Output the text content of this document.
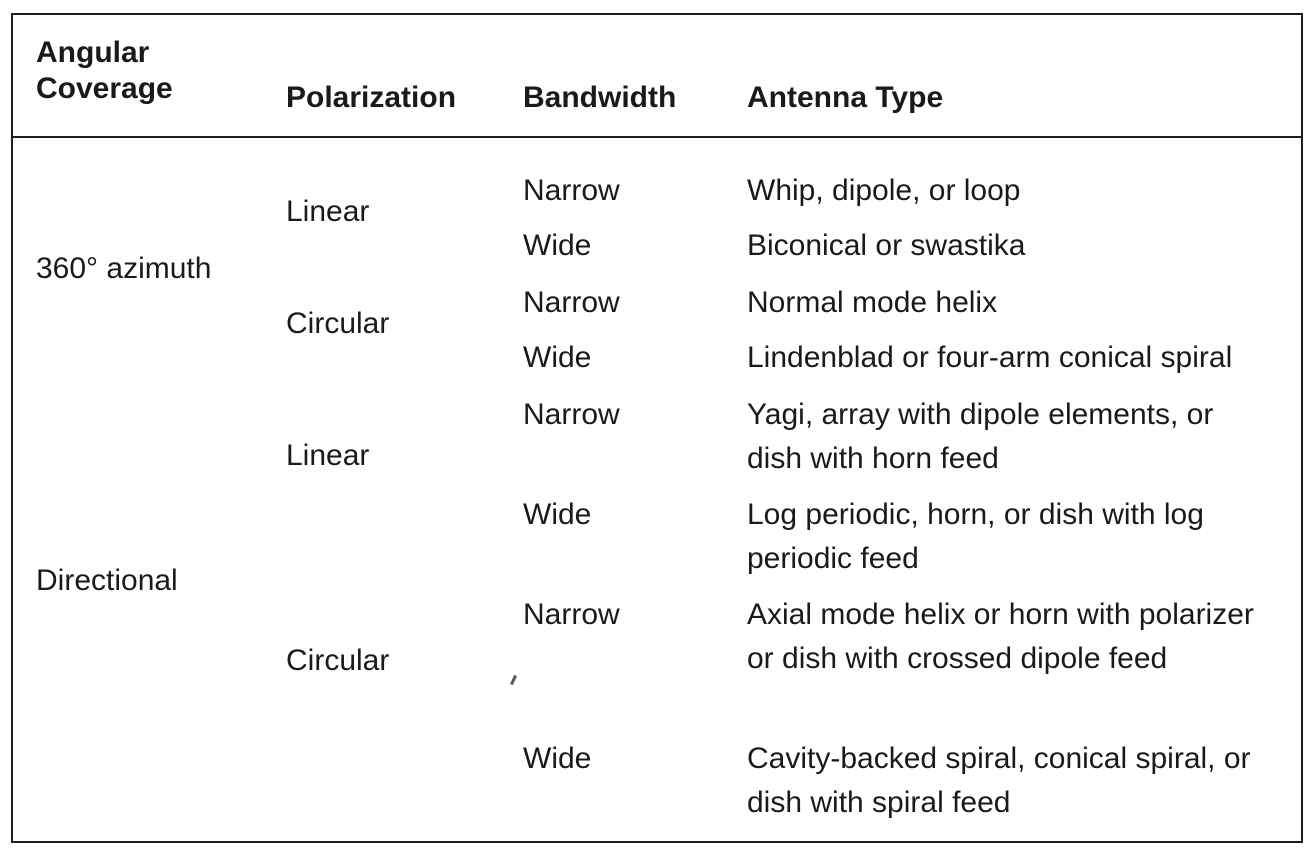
Angular Coverage	Polarization Bandwidth Antenna Type
360° azimuth
Directional
Linear
Circular
Linear
Circular
Narrow
Wide
Narrow
Wide
Narrow
Wide
Narrow
Wide
Whip, dipole, or loop
Biconical or swastika
Normal mode helix
Lindenblad or four-arm conical spiral
Yagi, array with dipole elements, or dish with horn feed
Log periodic, horn, or dish with log periodic feed
Axial mode helix or horn with polarizer or dish with crossed dipole feed
Cavity-backed spiral, conical spiral, or dish with spiral feed
